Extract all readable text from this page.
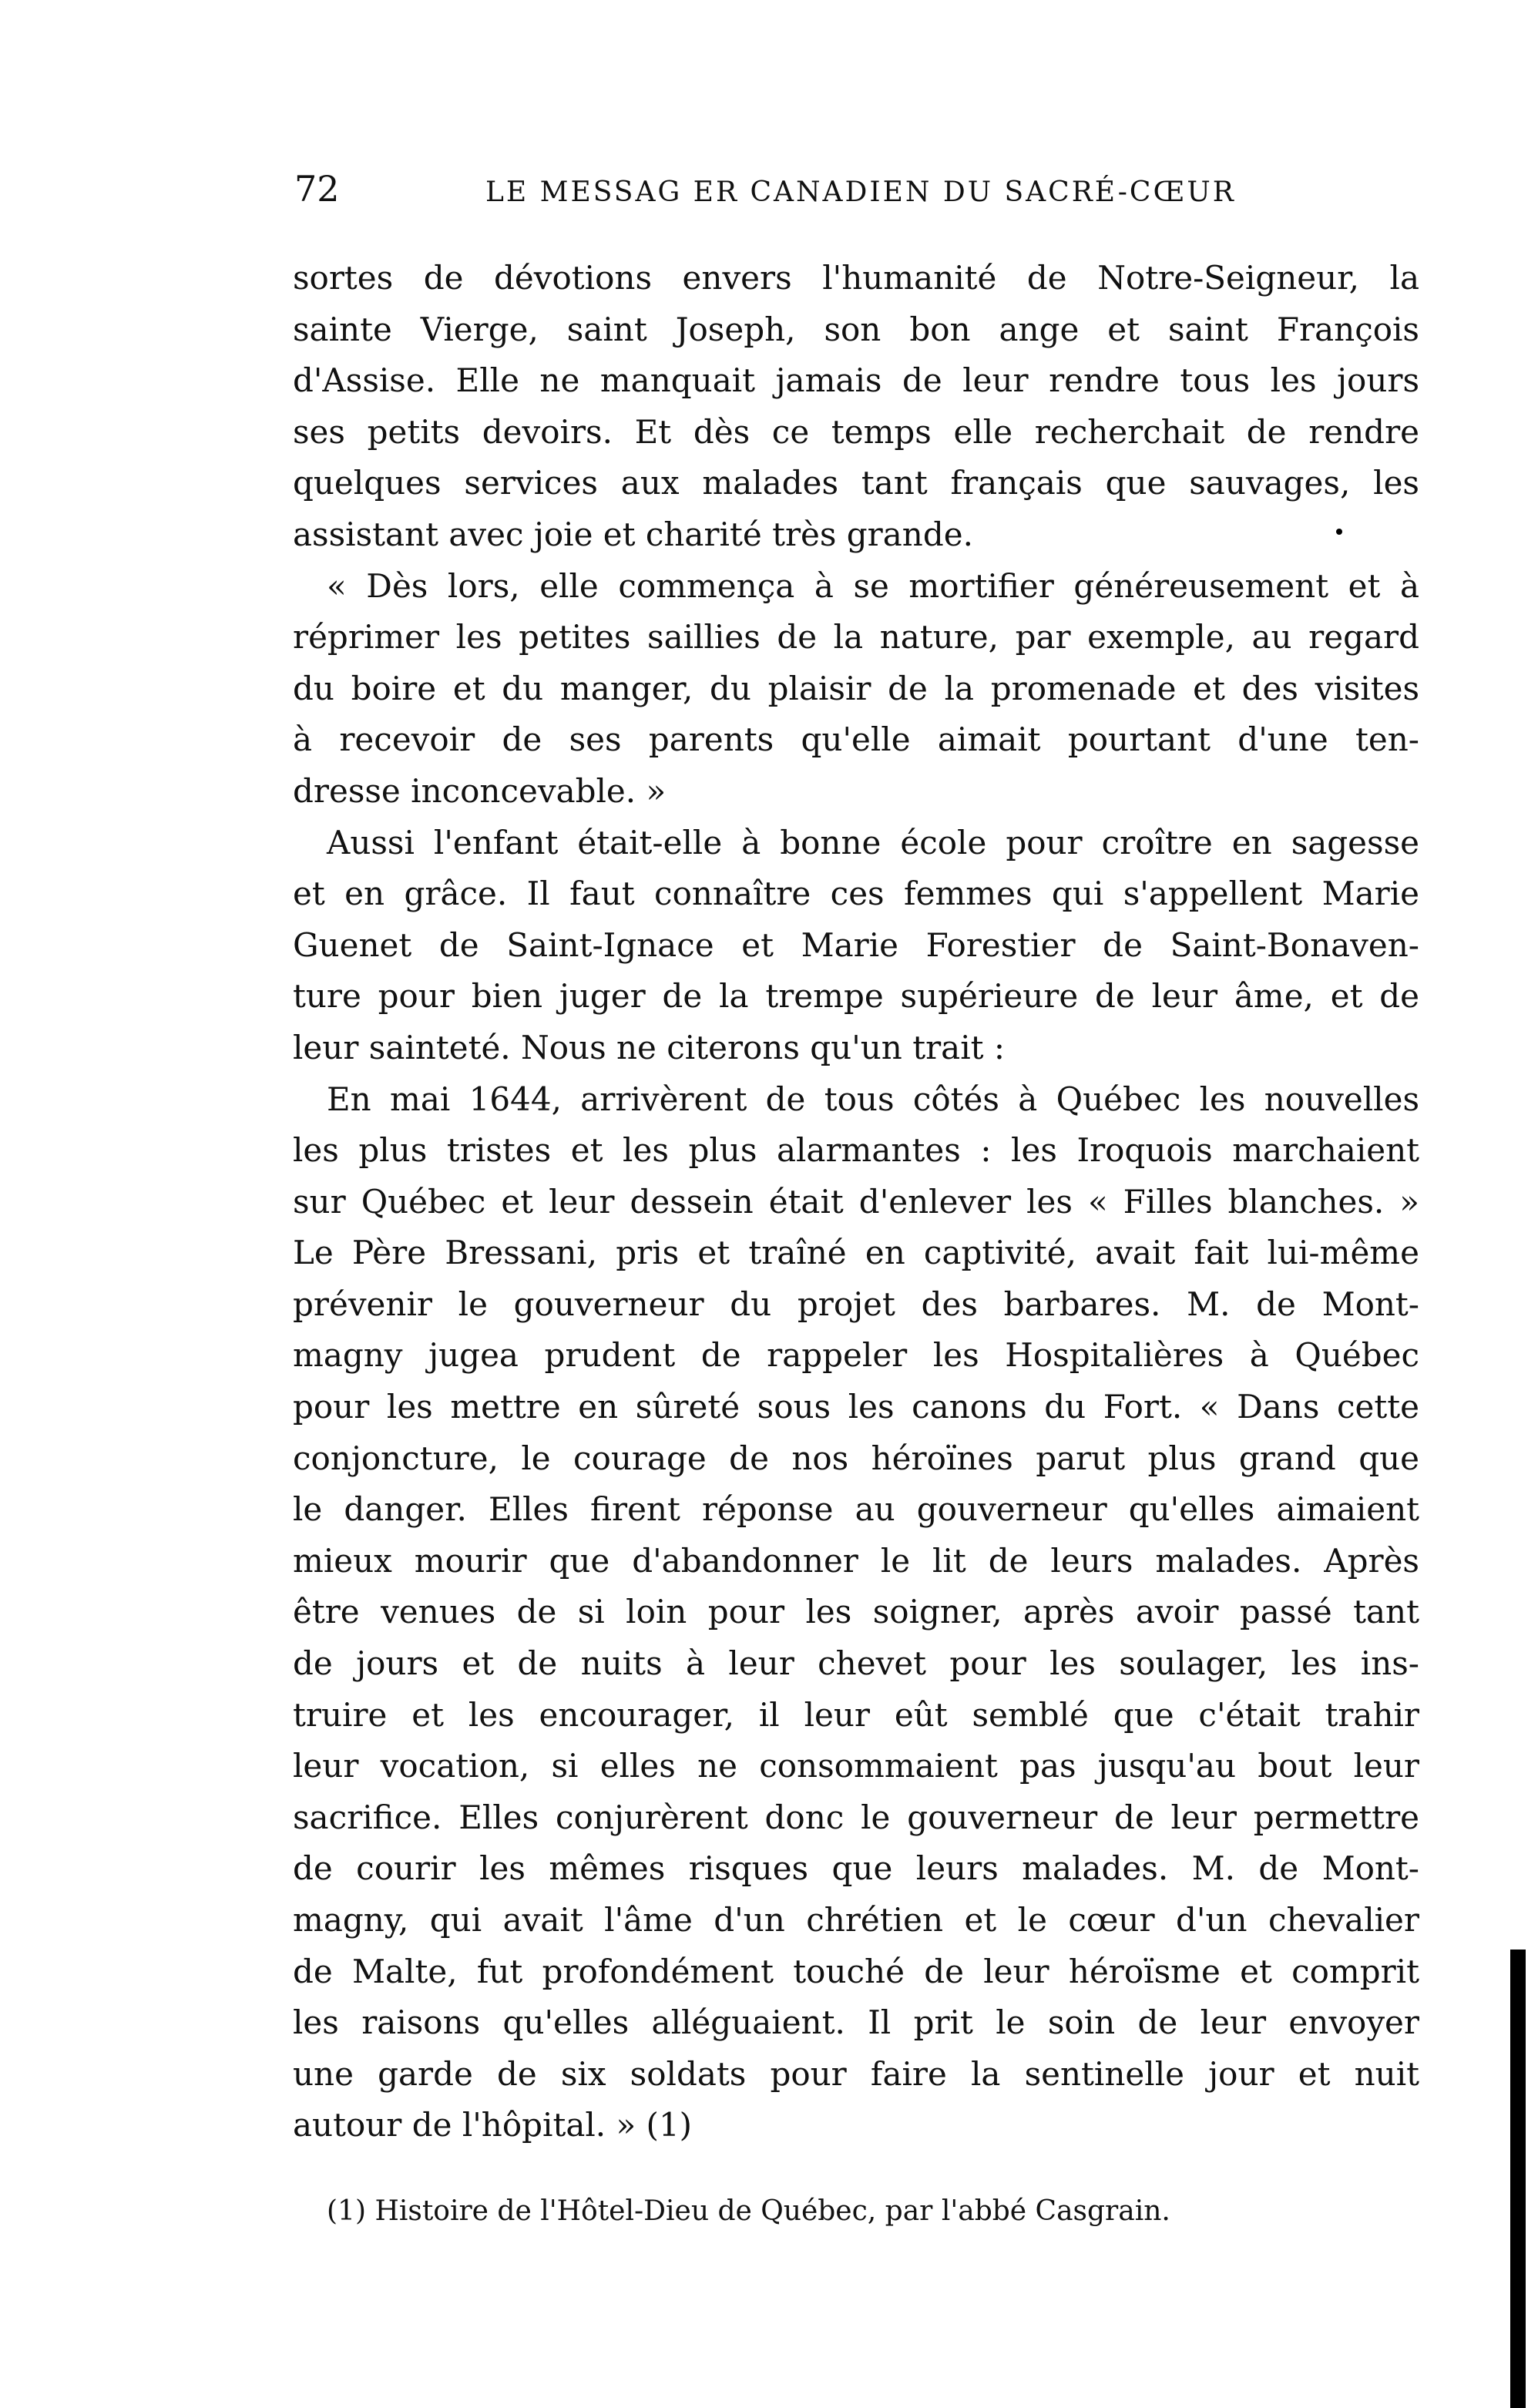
72	LE MESSAG ER CANADIEN DU SACRÉ-CŒUR
sortes de dévotions envers l'humanité de Notre-Seigneur, la
sainte Vierge, saint Joseph, son bon ange et saint François
d'Assise. Elle ne manquait jamais de leur rendre tous les jours
ses petits devoirs. Et dès ce temps elle recherchait de rendre
quelques services aux malades tant français que sauvages, les
assistant avec joie et charité très grande.
« Dès lors, elle commença à se mortifier généreusement et à
réprimer les petites saillies de la nature, par exemple, au regard
du boire et du manger, du plaisir de la promenade et des visites
à recevoir de ses parents qu'elle aimait pourtant d'une ten-
dresse inconcevable. »
Aussi l'enfant était-elle à bonne école pour croître en sagesse
et en grâce. Il faut connaître ces femmes qui s'appellent Marie
Guenet de Saint-Ignace et Marie Forestier de Saint-Bonaven-
ture pour bien juger de la trempe supérieure de leur âme, et de
leur sainteté. Nous ne citerons qu'un trait :
En mai 1644, arrivèrent de tous côtés à Québec les nouvelles
les plus tristes et les plus alarmantes : les Iroquois marchaient
sur Québec et leur dessein était d'enlever les « Filles blanches. »
Le Père Bressani, pris et traîné en captivité, avait fait lui-même
prévenir le gouverneur du projet des barbares. M. de Mont-
magny jugea prudent de rappeler les Hospitalières à Québec
pour les mettre en sûreté sous les canons du Fort. « Dans cette
conjoncture, le courage de nos héroïnes parut plus grand que
le danger. Elles firent réponse au gouverneur qu'elles aimaient
mieux mourir que d'abandonner le lit de leurs malades. Après
être venues de si loin pour les soigner, après avoir passé tant
de jours et de nuits à leur chevet pour les soulager, les ins-
truire et les encourager, il leur eût semblé que c'était trahir
leur vocation, si elles ne consommaient pas jusqu'au bout leur
sacrifice. Elles conjurèrent donc le gouverneur de leur permettre
de courir les mêmes risques que leurs malades. M. de Mont-
magny, qui avait l'âme d'un chrétien et le cœur d'un chevalier
de Malte, fut profondément touché de leur héroïsme et comprit
les raisons qu'elles alléguaient. Il prit le soin de leur envoyer
une garde de six soldats pour faire la sentinelle jour et nuit
autour de l'hôpital. » (1)
(1) Histoire de l'Hôtel-Dieu de Québec, par l'abbé Casgrain.
